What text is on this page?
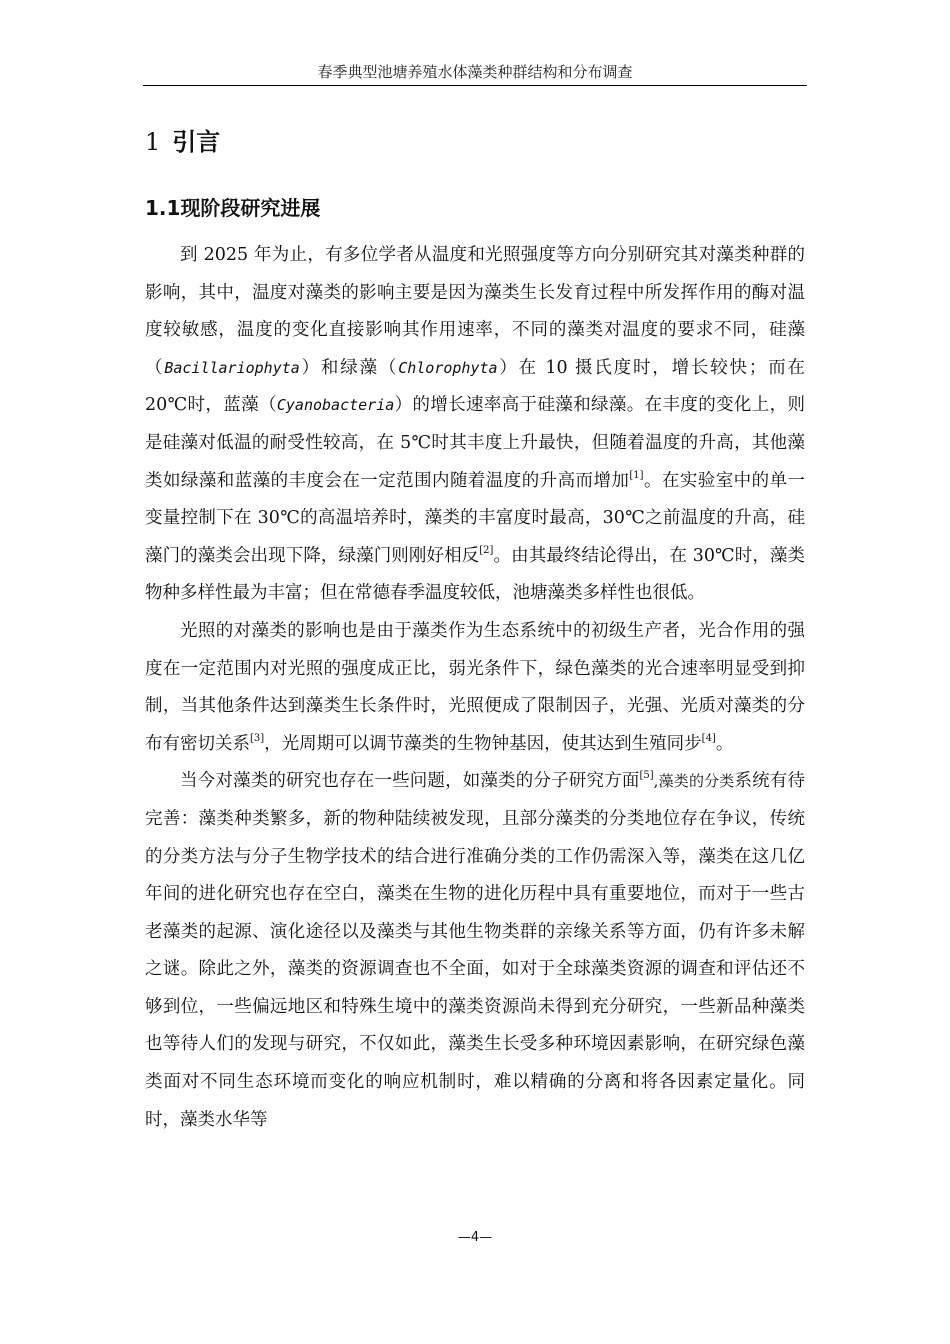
春季典型池塘养殖水体藻类种群结构和分布调查
1 引言
1.1现阶段研究进展

到 2025 年为止，有多位学者从温度和光照强度等方向分别研究其对藻类种群的影响，其中，温度对藻类的影响主要是因为藻类生长发育过程中所发挥作用的酶对温度较敏感，温度的变化直接影响其作用速率，不同的藻类对温度的要求不同，硅藻（Bacillariophyta）和绿藻（Chlorophyta）在 10 摄氏度时，增长较快；而在 20℃时，蓝藻（Cyanobacteria）的增长速率高于硅藻和绿藻。在丰度的变化上，则是硅藻对低温的耐受性较高，在 5℃时其丰度上升最快，但随着温度的升高，其他藻类如绿藻和蓝藻的丰度会在一定范围内随着温度的升高而增加[1]。在实验室中的单一变量控制下在 30℃的高温培养时，藻类的丰富度时最高，30℃之前温度的升高，硅藻门的藻类会出现下降，绿藻门则刚好相反[2]。由其最终结论得出，在 30℃时，藻类物种多样性最为丰富；但在常德春季温度较低，池塘藻类多样性也很低。

光照的对藻类的影响也是由于藻类作为生态系统中的初级生产者，光合作用的强度在一定范围内对光照的强度成正比，弱光条件下，绿色藻类的光合速率明显受到抑制，当其他条件达到藻类生长条件时，光照便成了限制因子，光强、光质对藻类的分布有密切关系[3]，光周期可以调节藻类的生物钟基因，使其达到生殖同步[4]。

当今对藻类的研究也存在一些问题，如藻类的分子研究方面[5],藻类的分类系统有待完善：藻类种类繁多，新的物种陆续被发现，且部分藻类的分类地位存在争议，传统的分类方法与分子生物学技术的结合进行准确分类的工作仍需深入等，藻类在这几亿年间的进化研究也存在空白，藻类在生物的进化历程中具有重要地位，而对于一些古老藻类的起源、演化途径以及藻类与其他生物类群的亲缘关系等方面，仍有许多未解之谜。除此之外，藻类的资源调查也不全面，如对于全球藻类资源的调查和评估还不够到位，一些偏远地区和特殊生境中的藻类资源尚未得到充分研究，一些新品种藻类也等待人们的发现与研究，不仅如此，藻类生长受多种环境因素影响，在研究绿色藻类面对不同生态环境而变化的响应机制时，难以精确的分离和将各因素定量化。同时，藻类水华等

—4—
